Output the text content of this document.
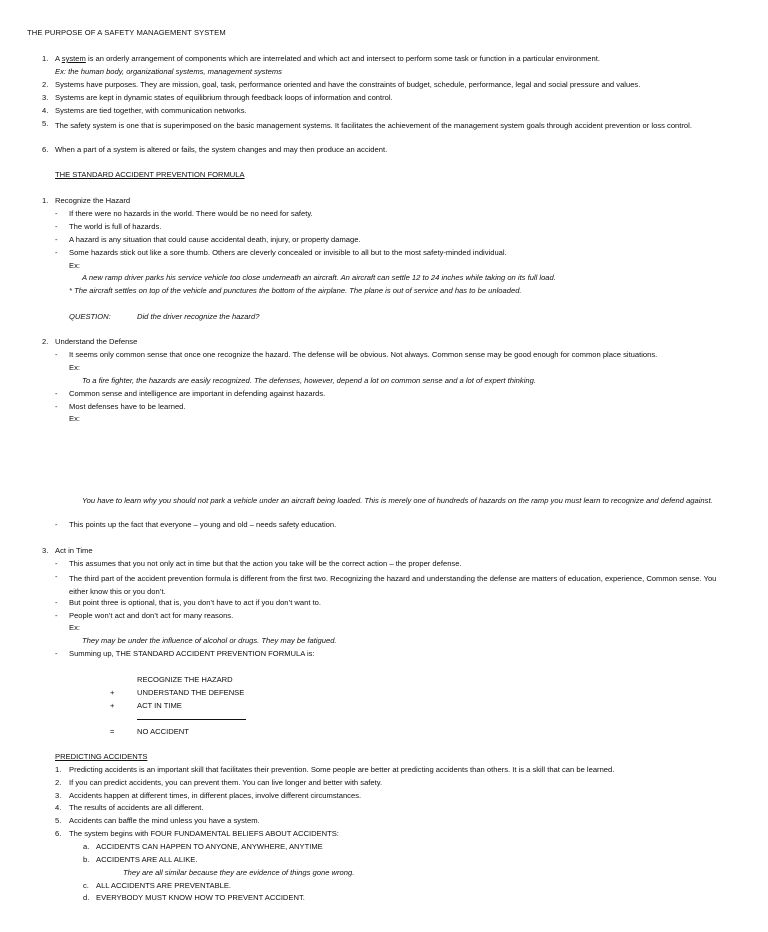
THE PURPOSE OF A SAFETY MANAGEMENT SYSTEM
1. A system is an orderly arrangement of components which are interrelated and which act and intersect to perform some task or function in a particular environment.
Ex: the human body, organizational systems, management systems
2. Systems have purposes. They are mission, goal, task, performance oriented and have the constraints of budget, schedule, performance, legal and social pressure and values.
3. Systems are kept in dynamic states of equilibrium through feedback loops of information and control.
4. Systems are tied together, with communication networks.
5. The safety system is one that is superimposed on the basic management systems. It facilitates the achievement of the management system goals through accident prevention or loss control.
6. When a part of a system is altered or fails, the system changes and may then produce an accident.
THE STANDARD ACCIDENT PREVENTION FORMULA
1. Recognize the Hazard
- If there were no hazards in the world. There would be no need for safety.
- The world is full of hazards.
- A hazard is any situation that could cause accidental death, injury, or property damage.
- Some hazards stick out like a sore thumb. Others are cleverly concealed or invisible to all but to the most safety-minded individual.
Ex:
A new ramp driver parks his service vehicle too close underneath an aircraft. An aircraft can settle 12 to 24 inches while taking on its full load.
* The aircraft settles on top of the vehicle and punctures the bottom of the airplane. The plane is out of service and has to be unloaded.
QUESTION:	Did the driver recognize the hazard?
2. Understand the Defense
- It seems only common sense that once one recognize the hazard. The defense will be obvious. Not always. Common sense may be good enough for common place situations.
Ex:
To a fire fighter, the hazards are easily recognized. The defenses, however, depend a lot on common sense and a lot of expert thinking.
- Common sense and intelligence are important in defending against hazards.
- Most defenses have to be learned.
Ex:
You have to learn why you should not park a vehicle under an aircraft being loaded. This is merely one of hundreds of hazards on the ramp you must learn to recognize and defend against.
- This points up the fact that everyone – young and old – needs safety education.
3. Act in Time
- This assumes that you not only act in time but that the action you take will be the correct action – the proper defense.
- The third part of the accident prevention formula is different from the first two. Recognizing the hazard and understanding the defense are matters of education, experience, Common sense. You either know this or you don’t.
- But point three is optional, that is, you don’t have to act if you don’t want to.
- People won’t act and don’t act for many reasons.
Ex:
They may be under the influence of alcohol or drugs. They may be fatigued.
- Summing up, THE STANDARD ACCIDENT PREVENTION FORMULA is:
RECOGNIZE THE HAZARD
+	UNDERSTAND THE DEFENSE
+	ACT IN TIME
=	NO ACCIDENT
PREDICTING ACCIDENTS
1. Predicting accidents is an important skill that facilitates their prevention. Some people are better at predicting accidents than others. It is a skill that can be learned.
2. If you can predict accidents, you can prevent them. You can live longer and better with safety.
3. Accidents happen at different times, in different places, involve different circumstances.
4. The results of accidents are all different.
5. Accidents can baffle the mind unless you have a system.
6. The system begins with FOUR FUNDAMENTAL BELIEFS ABOUT ACCIDENTS:
a. ACCIDENTS CAN HAPPEN TO ANYONE, ANYWHERE, ANYTIME
b. ACCIDENTS ARE ALL ALIKE.
They are all similar because they are evidence of things gone wrong.
c. ALL ACCIDENTS ARE PREVENTABLE.
d. EVERYBODY MUST KNOW HOW TO PREVENT ACCIDENT.
